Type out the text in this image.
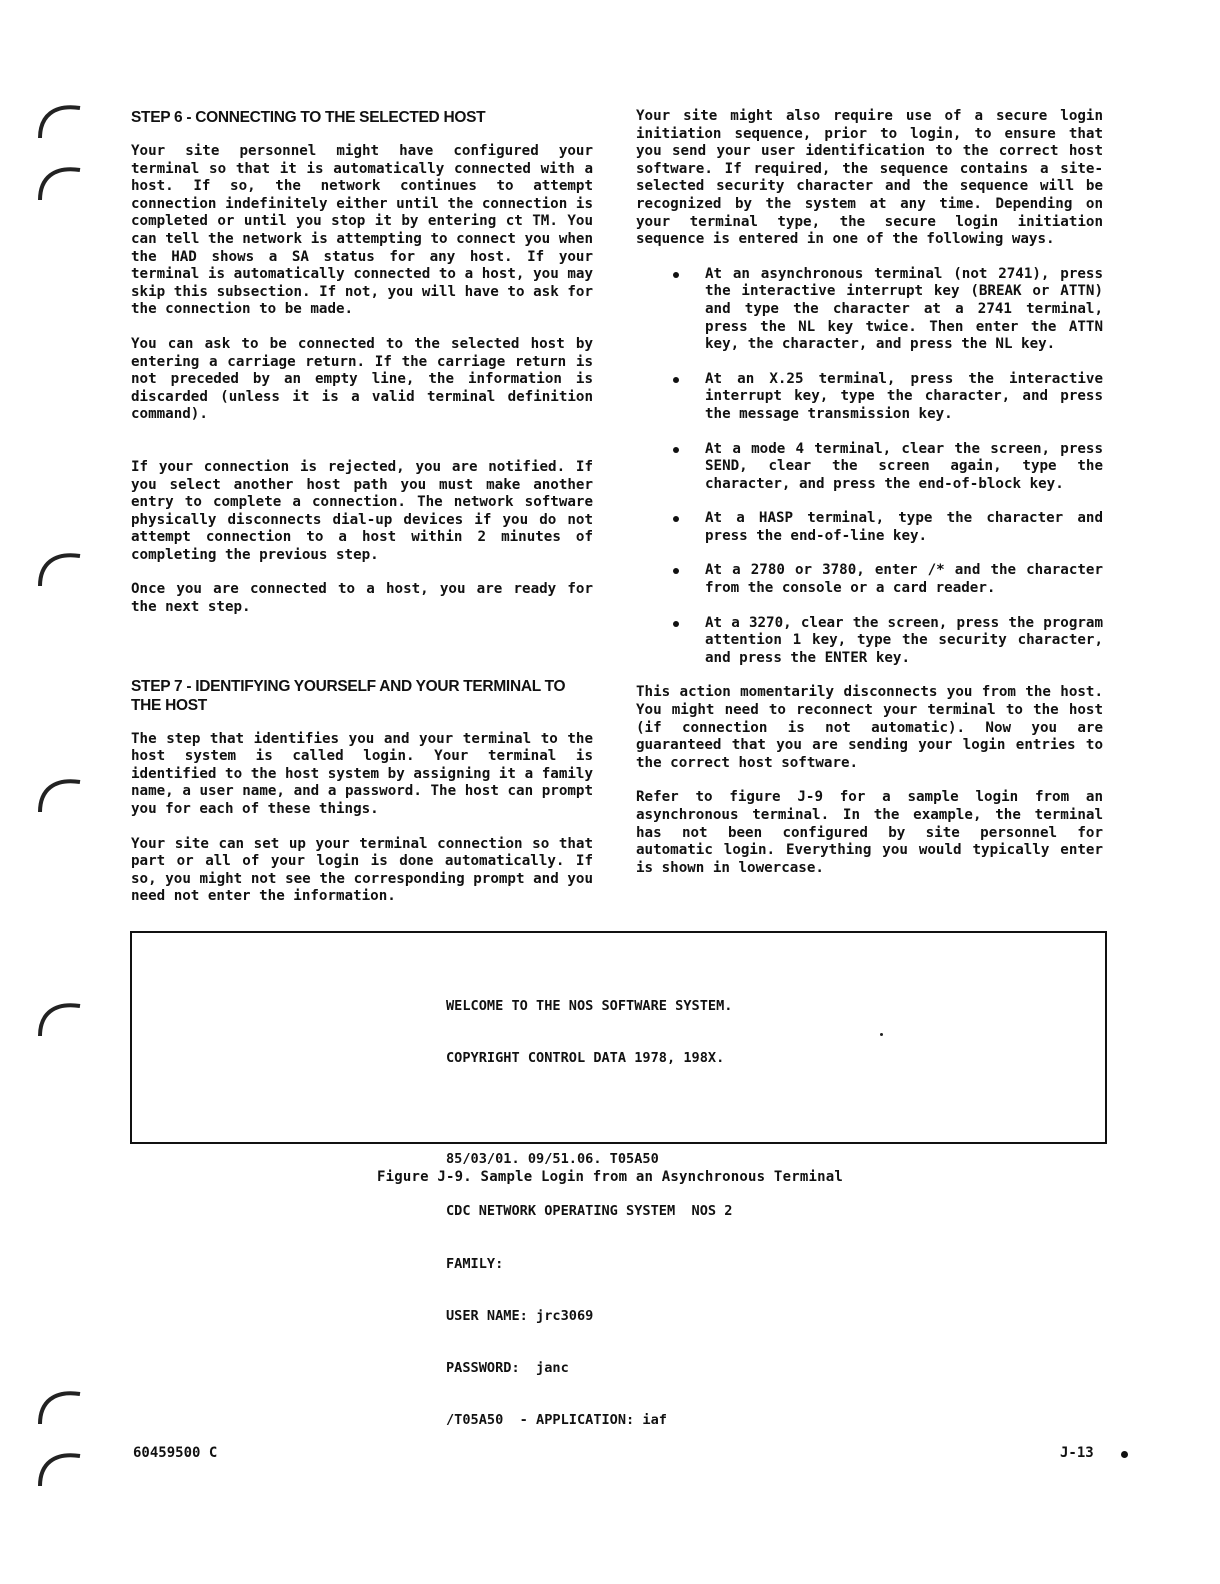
STEP 6 - CONNECTING TO THE SELECTED HOST

Your site personnel might have configured your terminal so that it is automatically connected with a host. If so, the network continues to attempt connection indefinitely either until the connection is completed or until you stop it by entering ct TM. You can tell the network is attempting to connect you when the HAD shows a SA status for any host. If your terminal is automatically connected to a host, you may skip this subsection. If not, you will have to ask for the connection to be made.

You can ask to be connected to the selected host by entering a carriage return. If the carriage return is not preceded by an empty line, the information is discarded (unless it is a valid terminal definition command).

If your connection is rejected, you are notified. If you select another host path you must make another entry to complete a connection. The network software physically disconnects dial-up devices if you do not attempt connection to a host within 2 minutes of completing the previous step.

Once you are connected to a host, you are ready for the next step.

STEP 7 - IDENTIFYING YOURSELF AND YOUR TERMINAL TO THE HOST

The step that identifies you and your terminal to the host system is called login. Your terminal is identified to the host system by assigning it a family name, a user name, and a password. The host can prompt you for each of these things.

Your site can set up your terminal connection so that part or all of your login is done automatically. If so, you might not see the corresponding prompt and you need not enter the information.

Your site might also require use of a secure login initiation sequence, prior to login, to ensure that you send your user identification to the correct host software. If required, the sequence contains a site-selected security character and the sequence will be recognized by the system at any time. Depending on your terminal type, the secure login initiation sequence is entered in one of the following ways.

At an asynchronous terminal (not 2741), press the interactive interrupt key (BREAK or ATTN) and type the character at a 2741 terminal, press the NL key twice. Then enter the ATTN key, the character, and press the NL key.
At an X.25 terminal, press the interactive interrupt key, type the character, and press the message transmission key.
At a mode 4 terminal, clear the screen, press SEND, clear the screen again, type the character, and press the end-of-block key.
At a HASP terminal, type the character and press the end-of-line key.
At a 2780 or 3780, enter /* and the character from the console or a card reader.
At a 3270, clear the screen, press the program attention 1 key, type the security character, and press the ENTER key.

This action momentarily disconnects you from the host. You might need to reconnect your terminal to the host (if connection is not automatic). Now you are guaranteed that you are sending your login entries to the correct host software.

Refer to figure J-9 for a sample login from an asynchronous terminal. In the example, the terminal has not been configured by site personnel for automatic login. Everything you would typically enter is shown in lowercase.

WELCOME TO THE NOS SOFTWARE SYSTEM.

COPYRIGHT CONTROL DATA 1978, 198X.

85/03/01. 09/51.06. T05A50

CDC NETWORK OPERATING SYSTEM  NOS 2

FAMILY:

USER NAME: jrc3069

PASSWORD:  janc

/T05A50  - APPLICATION: iaf

Figure J-9. Sample Login from an Asynchronous Terminal
60459500 C	J-13
